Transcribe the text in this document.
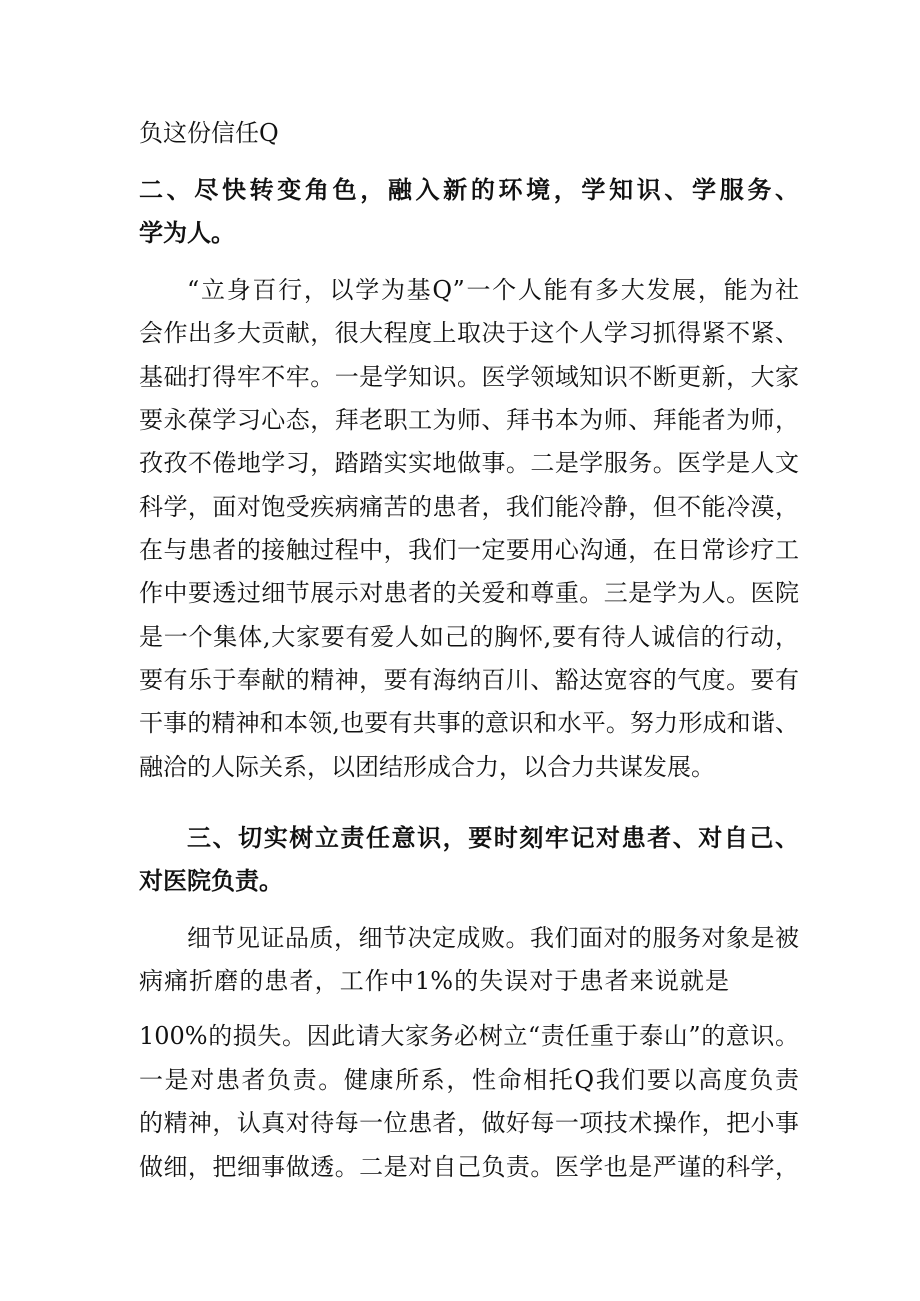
负这份信任Q
二、尽快转变角色，融入新的环境，学知识、学服务、
学为人。
“立身百行，以学为基Q”一个人能有多大发展，能为社
会作出多大贡献，很大程度上取决于这个人学习抓得紧不紧、
基础打得牢不牢。一是学知识。医学领域知识不断更新，大家
要永葆学习心态，拜老职工为师、拜书本为师、拜能者为师，
孜孜不倦地学习，踏踏实实地做事。二是学服务。医学是人文
科学，面对饱受疾病痛苦的患者，我们能冷静，但不能冷漠，
在与患者的接触过程中，我们一定要用心沟通，在日常诊疗工
作中要透过细节展示对患者的关爱和尊重。三是学为人。医院
是一个集体,大家要有爱人如己的胸怀,要有待人诚信的行动，
要有乐于奉献的精神，要有海纳百川、豁达宽容的气度。要有
干事的精神和本领,也要有共事的意识和水平。努力形成和谐、
融洽的人际关系，以团结形成合力，以合力共谋发展。
三、切实树立责任意识，要时刻牢记对患者、对自己、
对医院负责。
细节见证品质，细节决定成败。我们面对的服务对象是被
病痛折磨的患者，工作中1%的失误对于患者来说就是
100%的损失。因此请大家务必树立“责任重于泰山”的意识。
一是对患者负责。健康所系，性命相托Q我们要以高度负责
的精神，认真对待每一位患者，做好每一项技术操作，把小事
做细，把细事做透。二是对自己负责。医学也是严谨的科学，
